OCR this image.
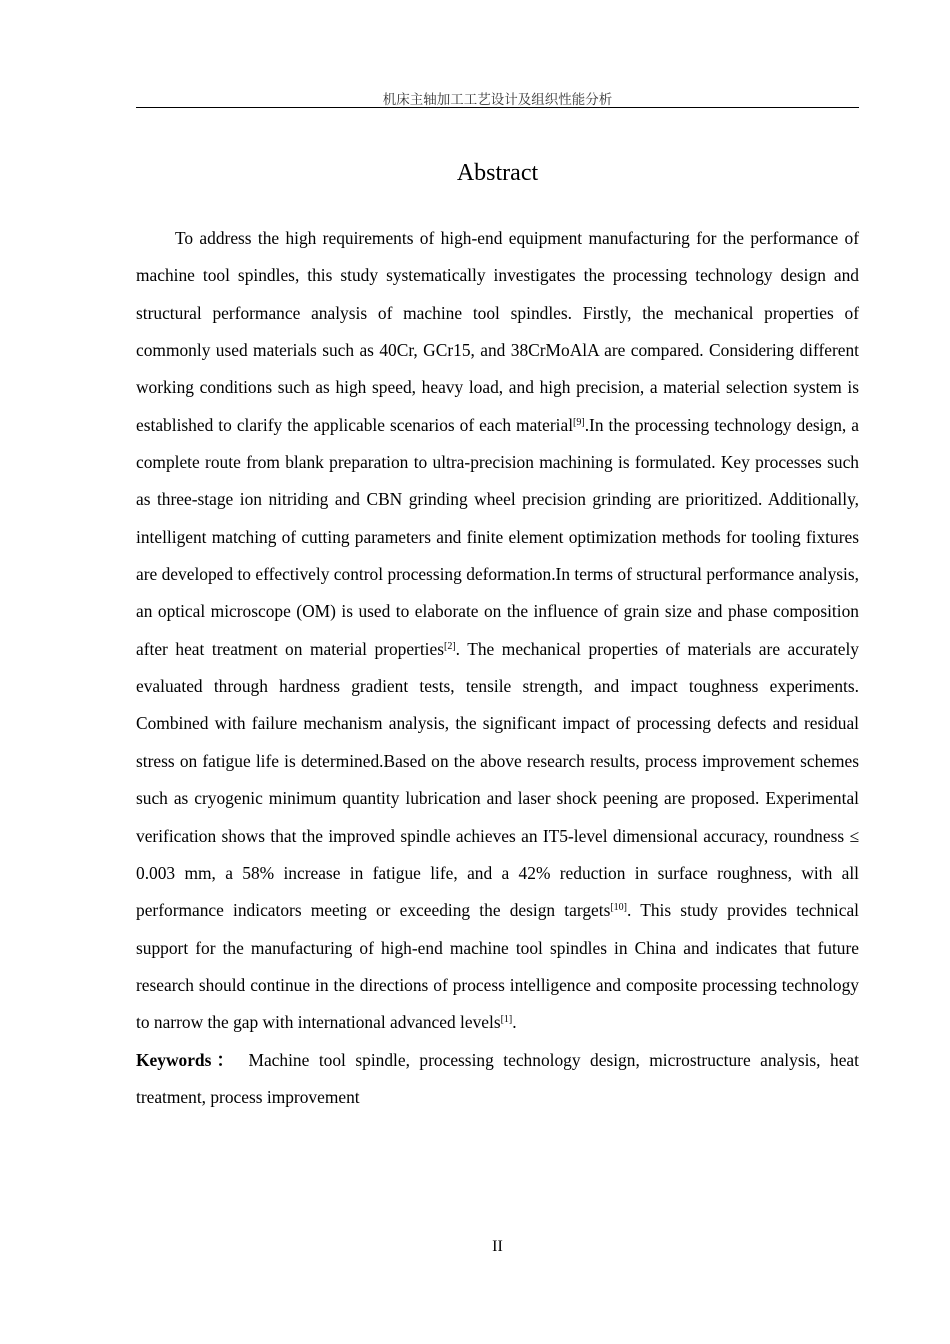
机床主轴加工工艺设计及组织性能分析
Abstract

To address the high requirements of high-end equipment manufacturing for the performance of machine tool spindles, this study systematically investigates the processing technology design and structural performance analysis of machine tool spindles. Firstly, the mechanical properties of commonly used materials such as 40Cr, GCr15, and 38CrMoAlA are compared. Considering different working conditions such as high speed, heavy load, and high precision, a material selection system is established to clarify the applicable scenarios of each material[9].In the processing technology design, a complete route from blank preparation to ultra-precision machining is formulated. Key processes such as three-stage ion nitriding and CBN grinding wheel precision grinding are prioritized. Additionally, intelligent matching of cutting parameters and finite element optimization methods for tooling fixtures are developed to effectively control processing deformation.In terms of structural performance analysis, an optical microscope (OM) is used to elaborate on the influence of grain size and phase composition after heat treatment on material properties[2]. The mechanical properties of materials are accurately evaluated through hardness gradient tests, tensile strength, and impact toughness experiments. Combined with failure mechanism analysis, the significant impact of processing defects and residual stress on fatigue life is determined.Based on the above research results, process improvement schemes such as cryogenic minimum quantity lubrication and laser shock peening are proposed. Experimental verification shows that the improved spindle achieves an IT5-level dimensional accuracy, roundness ≤ 0.003 mm, a 58% increase in fatigue life, and a 42% reduction in surface roughness, with all performance indicators meeting or exceeding the design targets[10]. This study provides technical support for the manufacturing of high-end machine tool spindles in China and indicates that future research should continue in the directions of process intelligence and composite processing technology to narrow the gap with international advanced levels[1].

Keywords： Machine tool spindle, processing technology design, microstructure analysis, heat treatment, process improvement

II
